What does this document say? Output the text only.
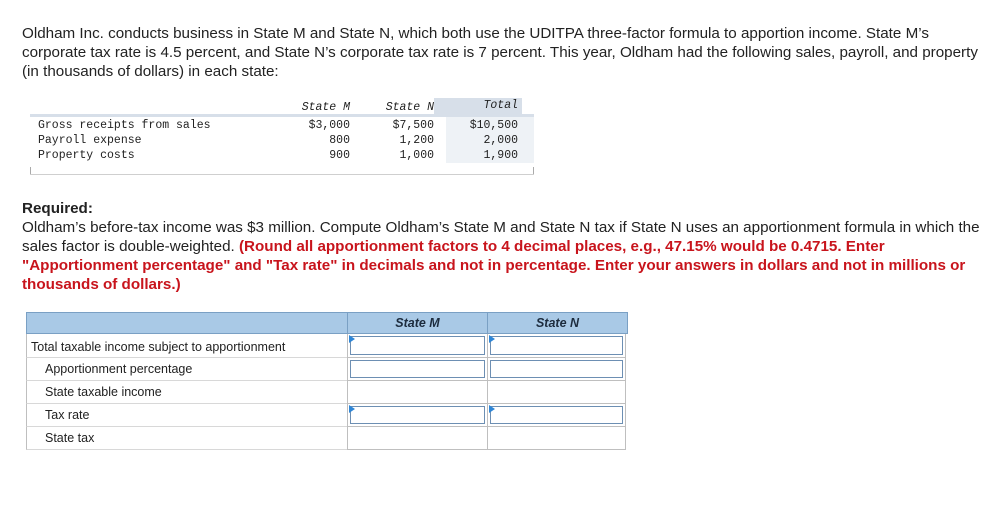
Oldham Inc. conducts business in State M and State N, which both use the UDITPA three-factor formula to apportion income. State M’s corporate tax rate is 4.5 percent, and State N’s corporate tax rate is 7 percent. This year, Oldham had the following sales, payroll, and property (in thousands of dollars) in each state:
State M	State N	Total
Gross receipts from sales	$3,000	$7,500	$10,500
Payroll expense	800	1,200	2,000
Property costs	900	1,000	1,900
Required:
Oldham’s before-tax income was $3 million. Compute Oldham’s State M and State N tax if State N uses an apportionment formula in which the sales factor is double-weighted. (Round all apportionment factors to 4 decimal places, e.g., 47.15% would be 0.4715. Enter "Apportionment percentage" and "Tax rate" in decimals and not in percentage. Enter your answers in dollars and not in millions or thousands of dollars.)
State M	State N
Total taxable income subject to apportionment
Apportionment percentage
State taxable income
Tax rate
State tax
